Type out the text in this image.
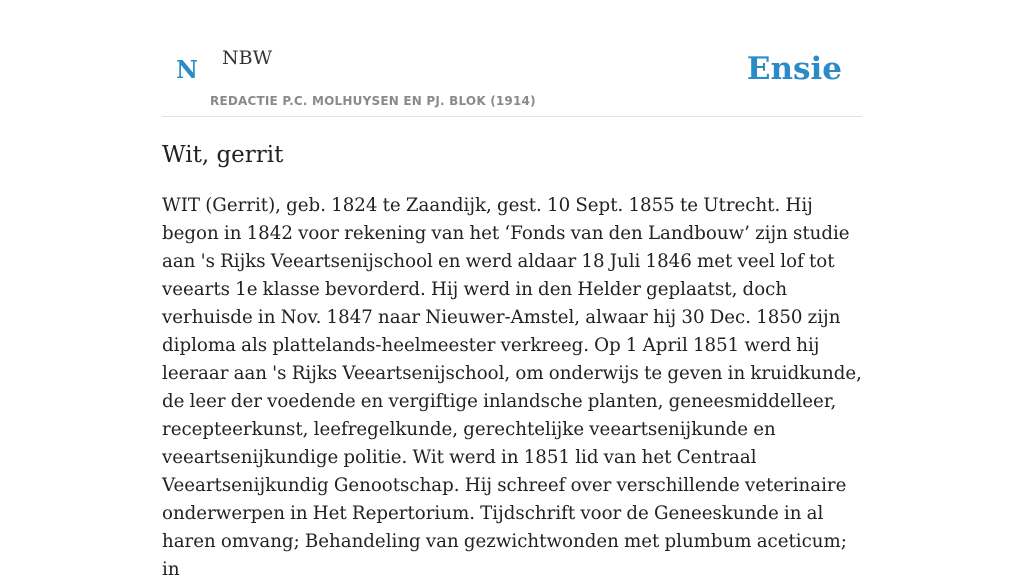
N NBW
REDACTIE P.C. MOLHUYSEN EN PJ. BLOK (1914)
Ensie
Wit, gerrit

WIT (Gerrit), geb. 1824 te Zaandijk, gest. 10 Sept. 1855 te Utrecht. Hij begon in 1842 voor rekening van het ‘Fonds van den Landbouw’ zijn studie aan 's Rijks Veeartsenijschool en werd aldaar 18 Juli 1846 met veel lof tot veearts 1e klasse bevorderd. Hij werd in den Helder geplaatst, doch verhuisde in Nov. 1847 naar Nieuwer-Amstel, alwaar hij 30 Dec. 1850 zijn diploma als plattelands-heelmeester verkreeg. Op 1 April 1851 werd hij leeraar aan 's Rijks Veeartsenijschool, om onderwijs te geven in kruidkunde, de leer der voedende en vergiftige inlandsche planten, geneesmiddelleer, recepteerkunst, leefregelkunde, gerechtelijke veeartsenijkunde en veeartsenijkundige politie. Wit werd in 1851 lid van het Centraal Veeartsenijkundig Genootschap. Hij schreef over verschillende veterinaire onderwerpen in Het Repertorium. Tijdschrift voor de Geneeskunde in al haren omvang; Behandeling van gezwichtwonden met plumbum aceticum; in
